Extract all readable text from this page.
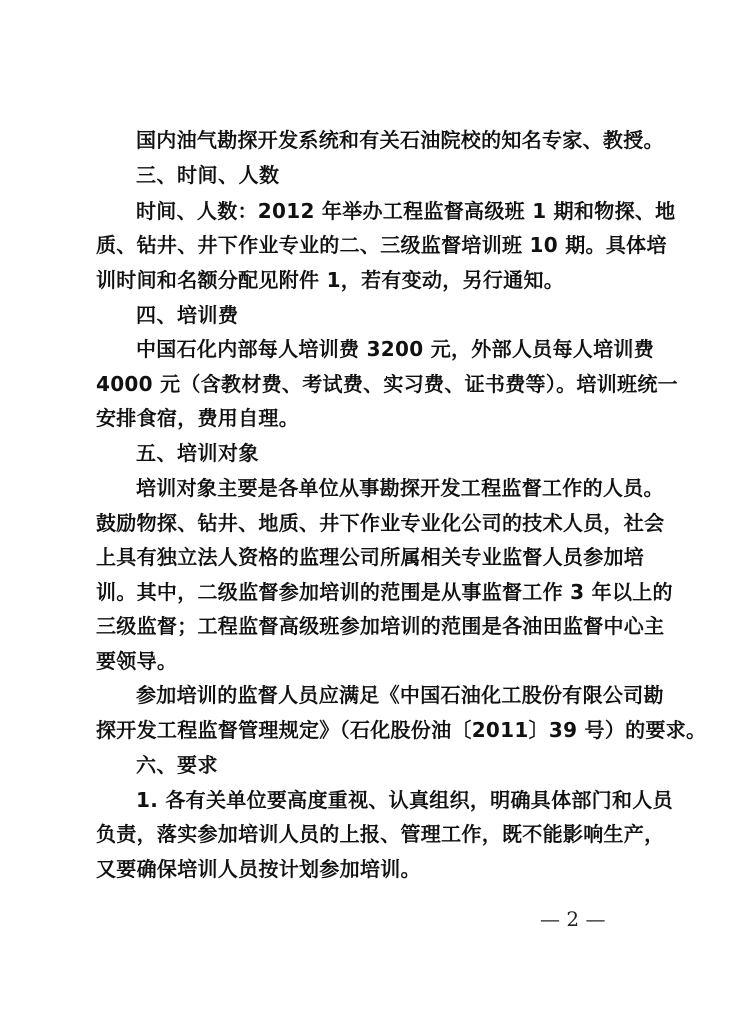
国内油气勘探开发系统和有关石油院校的知名专家、教授。
三、时间、人数
时间、人数：2012 年举办工程监督高级班 1 期和物探、地
质、钻井、井下作业专业的二、三级监督培训班 10 期。具体培
训时间和名额分配见附件 1，若有变动，另行通知。
四、培训费
中国石化内部每人培训费 3200 元，外部人员每人培训费
4000 元（含教材费、考试费、实习费、证书费等）。培训班统一
安排食宿，费用自理。
五、培训对象
培训对象主要是各单位从事勘探开发工程监督工作的人员。
鼓励物探、钻井、地质、井下作业专业化公司的技术人员，社会
上具有独立法人资格的监理公司所属相关专业监督人员参加培
训。其中，二级监督参加培训的范围是从事监督工作 3 年以上的
三级监督；工程监督高级班参加培训的范围是各油田监督中心主
要领导。
参加培训的监督人员应满足《中国石油化工股份有限公司勘
探开发工程监督管理规定》（石化股份油〔2011〕39 号）的要求。
六、要求
1. 各有关单位要高度重视、认真组织，明确具体部门和人员
负责，落实参加培训人员的上报、管理工作，既不能影响生产，
又要确保培训人员按计划参加培训。
— 2 —
